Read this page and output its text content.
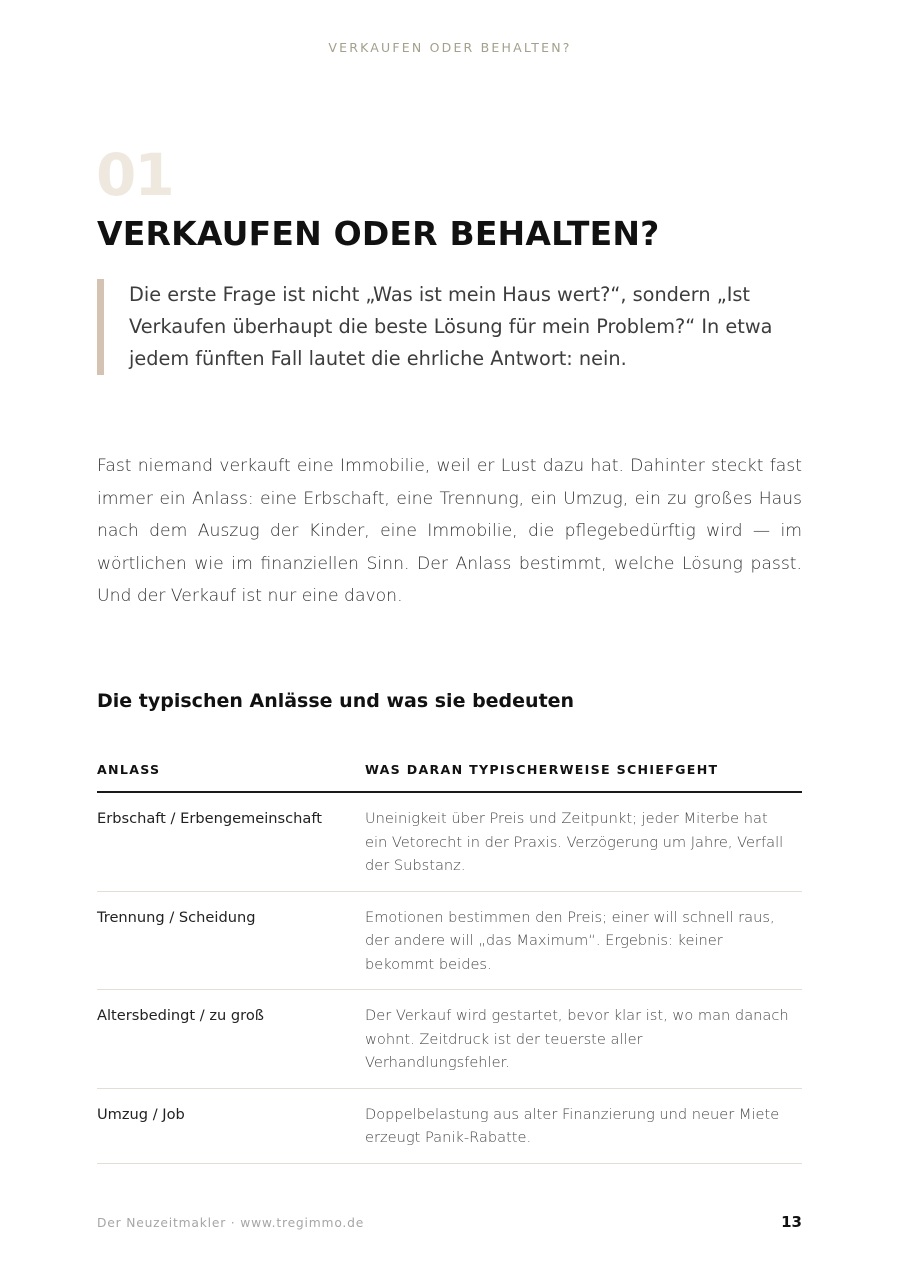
VERKAUFEN ODER BEHALTEN?
01
VERKAUFEN ODER BEHALTEN?

Die erste Frage ist nicht „Was ist mein Haus wert?“, sondern „Ist Verkaufen überhaupt die beste Lösung für mein Problem?“ In etwa jedem fünften Fall lautet die ehrliche Antwort: nein.

Fast niemand verkauft eine Immobilie, weil er Lust dazu hat. Dahinter steckt fast immer ein Anlass: eine Erbschaft, eine Trennung, ein Umzug, ein zu großes Haus nach dem Auszug der Kinder, eine Immobilie, die pflegebedürftig wird — im wörtlichen wie im finanziellen Sinn. Der Anlass bestimmt, welche Lösung passt. Und der Verkauf ist nur eine davon.

Die typischen Anlässe und was sie bedeuten
ANLASS	WAS DARAN TYPISCHERWEISE SCHIEFGEHT
Erbschaft / Erbengemeinschaft	Uneinigkeit über Preis und Zeitpunkt; jeder Miterbe hat ein Vetorecht in der Praxis. Verzögerung um Jahre, Verfall der Substanz.
Trennung / Scheidung	Emotionen bestimmen den Preis; einer will schnell raus, der andere will „das Maximum“. Ergebnis: keiner bekommt beides.
Altersbedingt / zu groß	Der Verkauf wird gestartet, bevor klar ist, wo man danach wohnt. Zeitdruck ist der teuerste aller Verhandlungsfehler.
Umzug / Job	Doppelbelastung aus alter Finanzierung und neuer Miete erzeugt Panik-Rabatte.
Der Neuzeitmakler · www.tregimmo.de	13
